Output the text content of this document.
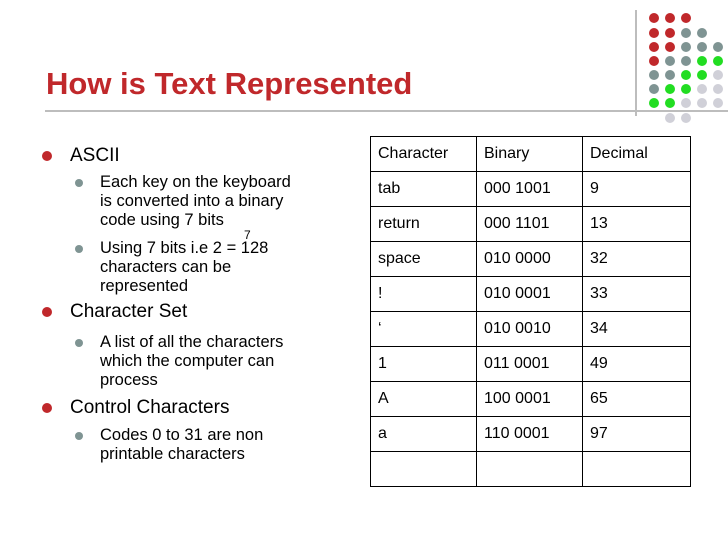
How is Text Represented
ASCII
Each key on the keyboard
is converted into a binary
code using 7 bits
Using 7 bits i.e 2 = 128
characters can be
represented
7
Character Set
A list of all the characters
which the computer can
process
Control Characters
Codes 0 to 31 are non
printable characters
Character	Binary	Decimal
tab	000 1001	9
return	000 1101	13
space	010 0000	32
!	010 0001	33
‘	010 0010	34
1	011 0001	49
A	100 0001	65
a	110 0001	97
